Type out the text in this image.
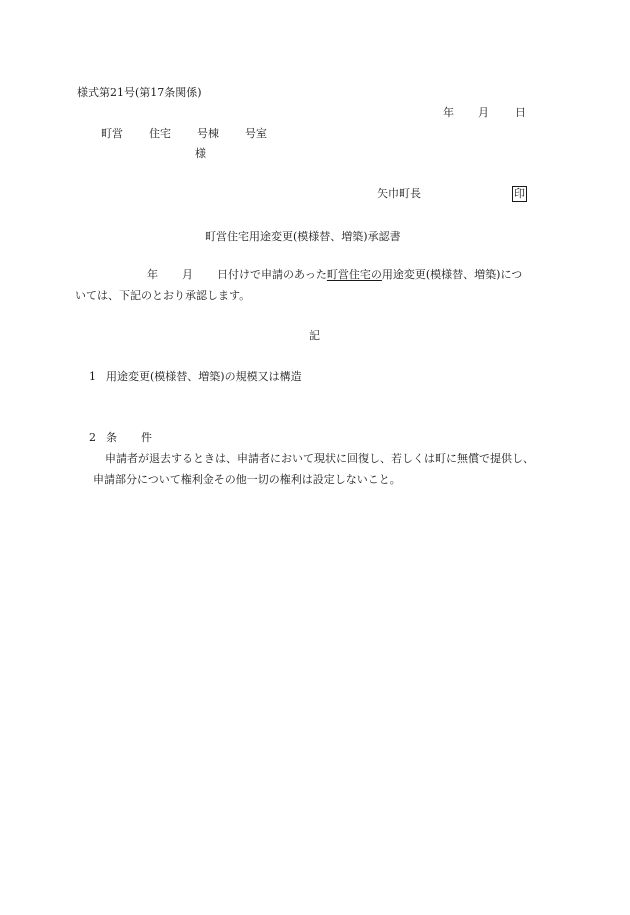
様式第21号(第17条関係)
年 月 日
町営 住宅 号棟 号室
様
矢巾町長	印
町営住宅用途変更(模様替、増築)承認書
年 月 日付けで申請のあった町営住宅の用途変更(模様替、増築)につ
いては、下記のとおり承認します。
記
1 用途変更(模様替、増築)の規模又は構造
2 条 件
申請者が退去するときは、申請者において現状に回復し、若しくは町に無償で提供し、
申請部分について権利金その他一切の権利は設定しないこと。
